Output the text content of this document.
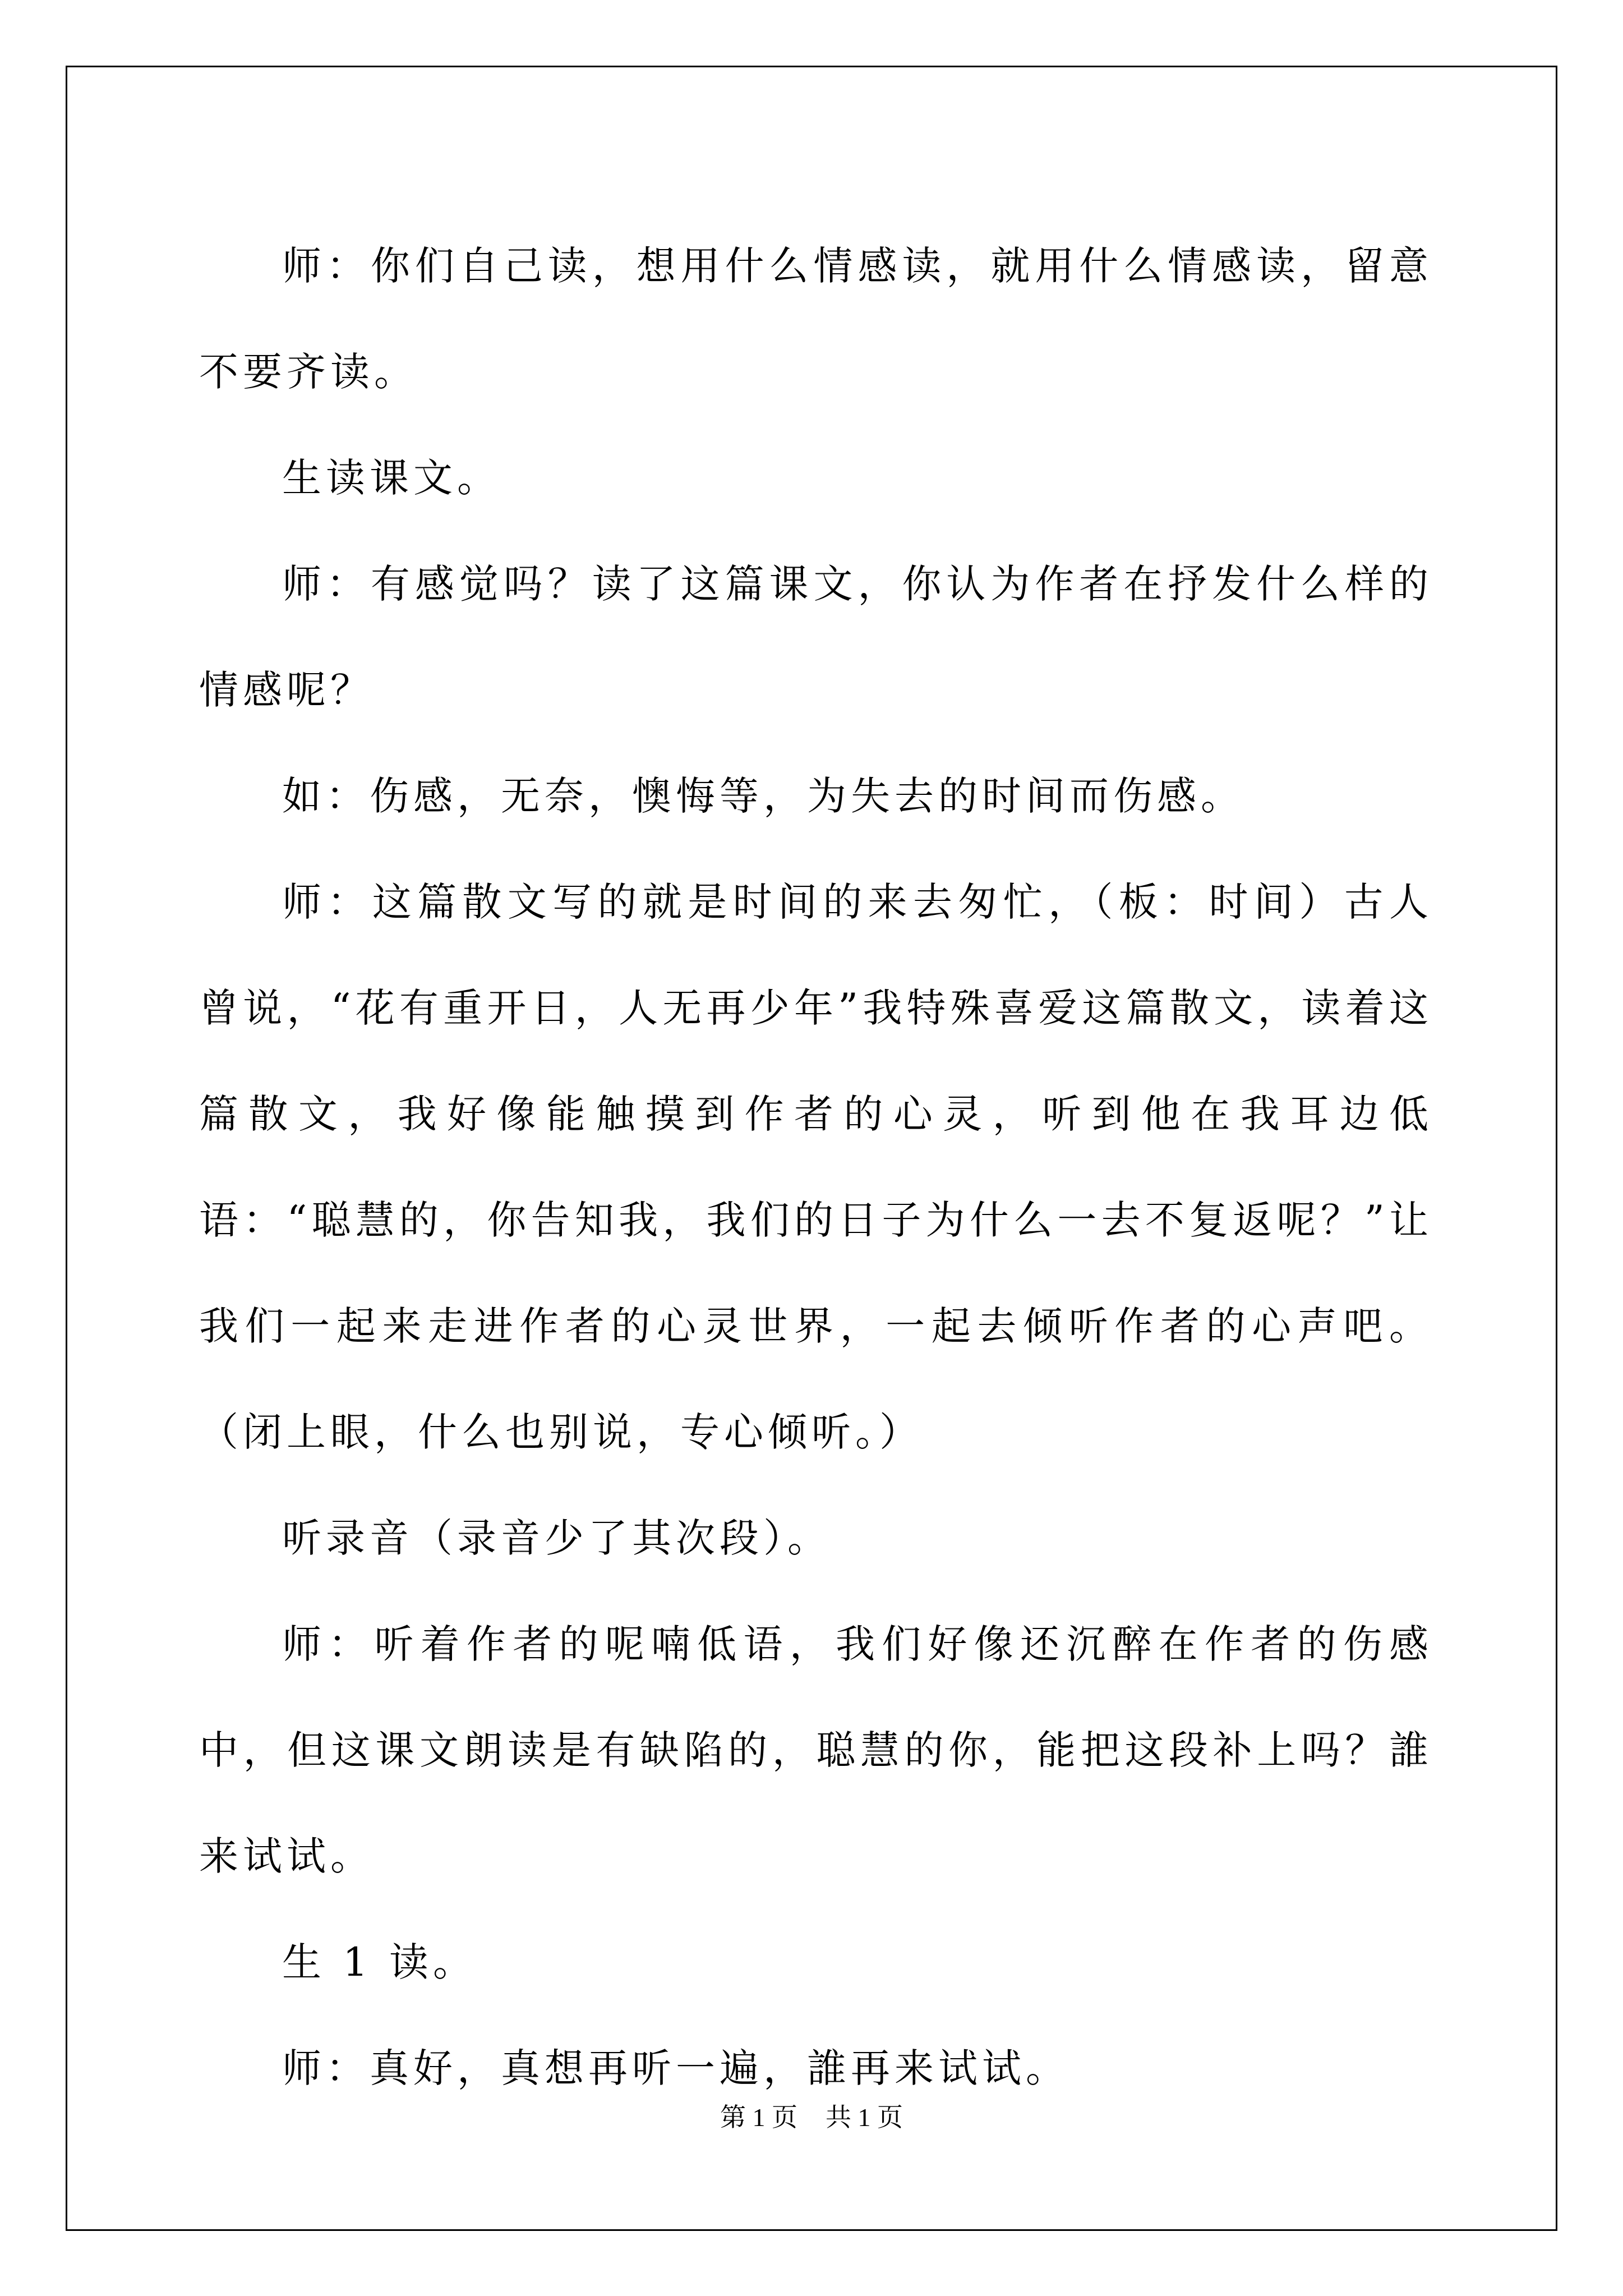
师：你们自己读，想用什么情感读，就用什么情感读，留意不要齐读。

生读课文。

师：有感觉吗？读了这篇课文，你认为作者在抒发什么样的情感呢？

如：伤感，无奈，懊悔等，为失去的时间而伤感。

师：这篇散文写的就是时间的来去匆忙，（板：时间）古人曾说，“花有重开日，人无再少年”我特殊喜爱这篇散文，读着这篇散文，我好像能触摸到作者的心灵，听到他在我耳边低语：“聪慧的，你告知我，我们的日子为什么一去不复返呢？”让我们一起来走进作者的心灵世界，一起去倾听作者的心声吧。（闭上眼，什么也别说，专心倾听。）

听录音（录音少了其次段）。

师：听着作者的呢喃低语，我们好像还沉醉在作者的伤感中，但这课文朗读是有缺陷的，聪慧的你，能把这段补上吗？誰来试试。

生 1 读。

师：真好，真想再听一遍，誰再来试试。

第 1 页 共 1 页
